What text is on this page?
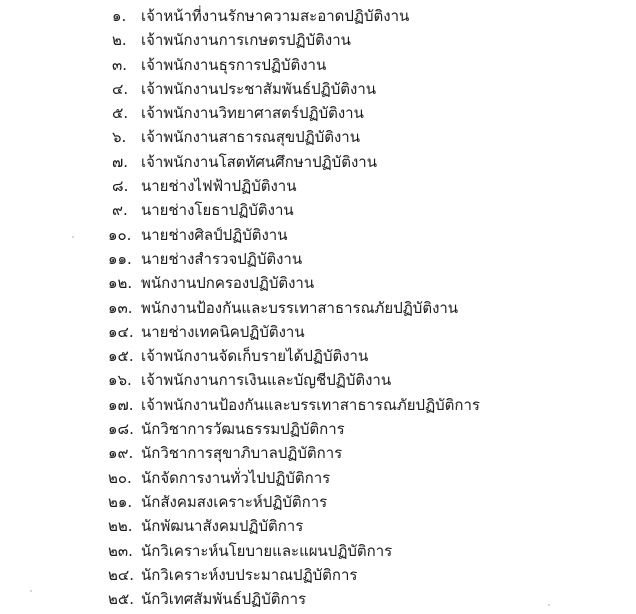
๑. เจ้าหน้าที่งานรักษาความสะอาดปฏิบัติงาน
๒. เจ้าพนักงานการเกษตรปฏิบัติงาน
๓. เจ้าพนักงานธุรการปฏิบัติงาน
๔. เจ้าพนักงานประชาสัมพันธ์ปฏิบัติงาน
๕. เจ้าพนักงานวิทยาศาสตร์ปฏิบัติงาน
๖. เจ้าพนักงานสาธารณสุขปฏิบัติงาน
๗. เจ้าพนักงานโสตทัศนศึกษาปฏิบัติงาน
๘. นายช่างไฟฟ้าปฏิบัติงาน
๙. นายช่างโยธาปฏิบัติงาน
๑๐. นายช่างศิลป์ปฏิบัติงาน
๑๑. นายช่างสำรวจปฏิบัติงาน
๑๒. พนักงานปกครองปฏิบัติงาน
๑๓. พนักงานป้องกันและบรรเทาสาธารณภัยปฏิบัติงาน
๑๔. นายช่างเทคนิคปฏิบัติงาน
๑๕. เจ้าพนักงานจัดเก็บรายได้ปฏิบัติงาน
๑๖. เจ้าพนักงานการเงินและบัญชีปฏิบัติงาน
๑๗. เจ้าพนักงานป้องกันและบรรเทาสาธารณภัยปฏิบัติการ
๑๘. นักวิชาการวัฒนธรรมปฏิบัติการ
๑๙. นักวิชาการสุขาภิบาลปฏิบัติการ
๒๐. นักจัดการงานทั่วไปปฏิบัติการ
๒๑. นักสังคมสงเคราะห์ปฏิบัติการ
๒๒. นักพัฒนาสังคมปฏิบัติการ
๒๓. นักวิเคราะห์นโยบายและแผนปฏิบัติการ
๒๔. นักวิเคราะห์งบประมาณปฏิบัติการ
๒๕. นักวิเทศสัมพันธ์ปฏิบัติการ
